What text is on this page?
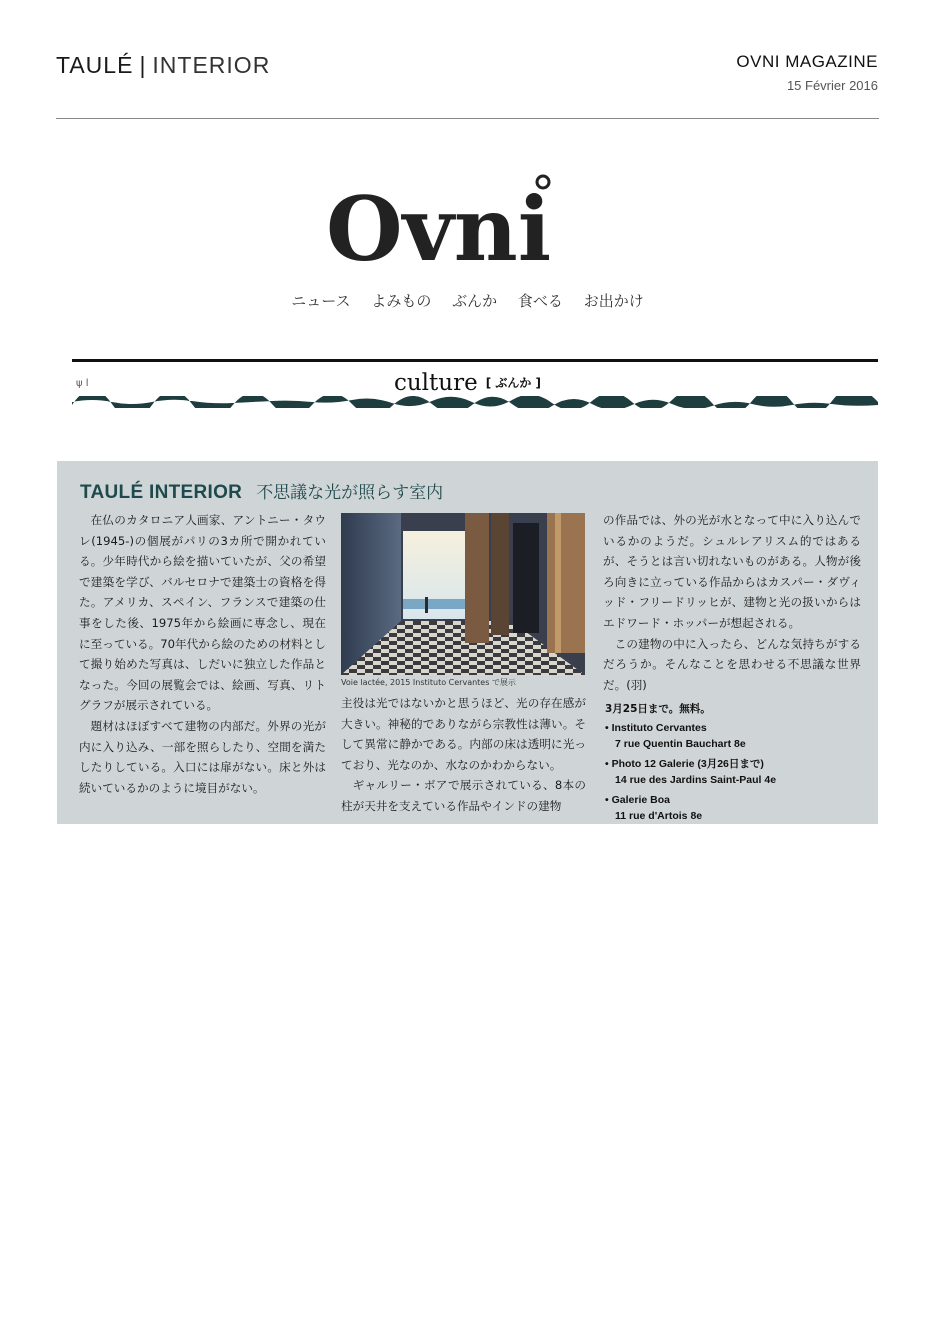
TAULÉ | INTERIOR	OVNI MAGAZINE
15 Février 2016
Ovni
ニュース よみもの ぶんか 食べる お出かけ
ψ l	culture [ ぶんか ]
TAULÉ INTERIOR 不思議な光が照らす室内

在仏のカタロニア人画家、アントニー・タウレ(1945-)の個展がパリの3カ所で開かれている。少年時代から絵を描いていたが、父の希望で建築を学び、バルセロナで建築士の資格を得た。アメリカ、スペイン、フランスで建築の仕事をした後、1975年から絵画に専念し、現在に至っている。70年代から絵のための材料として撮り始めた写真は、しだいに独立した作品となった。今回の展覧会では、絵画、写真、リトグラフが展示されている。

題材はほぼすべて建物の内部だ。外界の光が内に入り込み、一部を照らしたり、空間を満たしたりしている。入口には扉がない。床と外は続いているかのように境目がない。

Voie lactée, 2015 Instituto Cervantes で展示

主役は光ではないかと思うほど、光の存在感が大きい。神秘的でありながら宗教性は薄い。そして異常に静かである。内部の床は透明に光っており、光なのか、水なのかわからない。

ギャルリー・ボアで展示されている、8本の柱が天井を支えている作品やインドの建物

の作品では、外の光が水となって中に入り込んでいるかのようだ。シュルレアリスム的ではあるが、そうとは言い切れないものがある。人物が後ろ向きに立っている作品からはカスパー・ダヴィッド・フリードリッヒが、建物と光の扱いからはエドワード・ホッパーが想起される。

この建物の中に入ったら、どんな気持ちがするだろうか。そんなことを思わせる不思議な世界だ。(羽)

3月25日まで。無料。
• Instituto Cervantes
7 rue Quentin Bauchart 8e
• Photo 12 Galerie (3月26日まで)
14 rue des Jardins Saint-Paul 4e
• Galerie Boa
11 rue d'Artois 8e
